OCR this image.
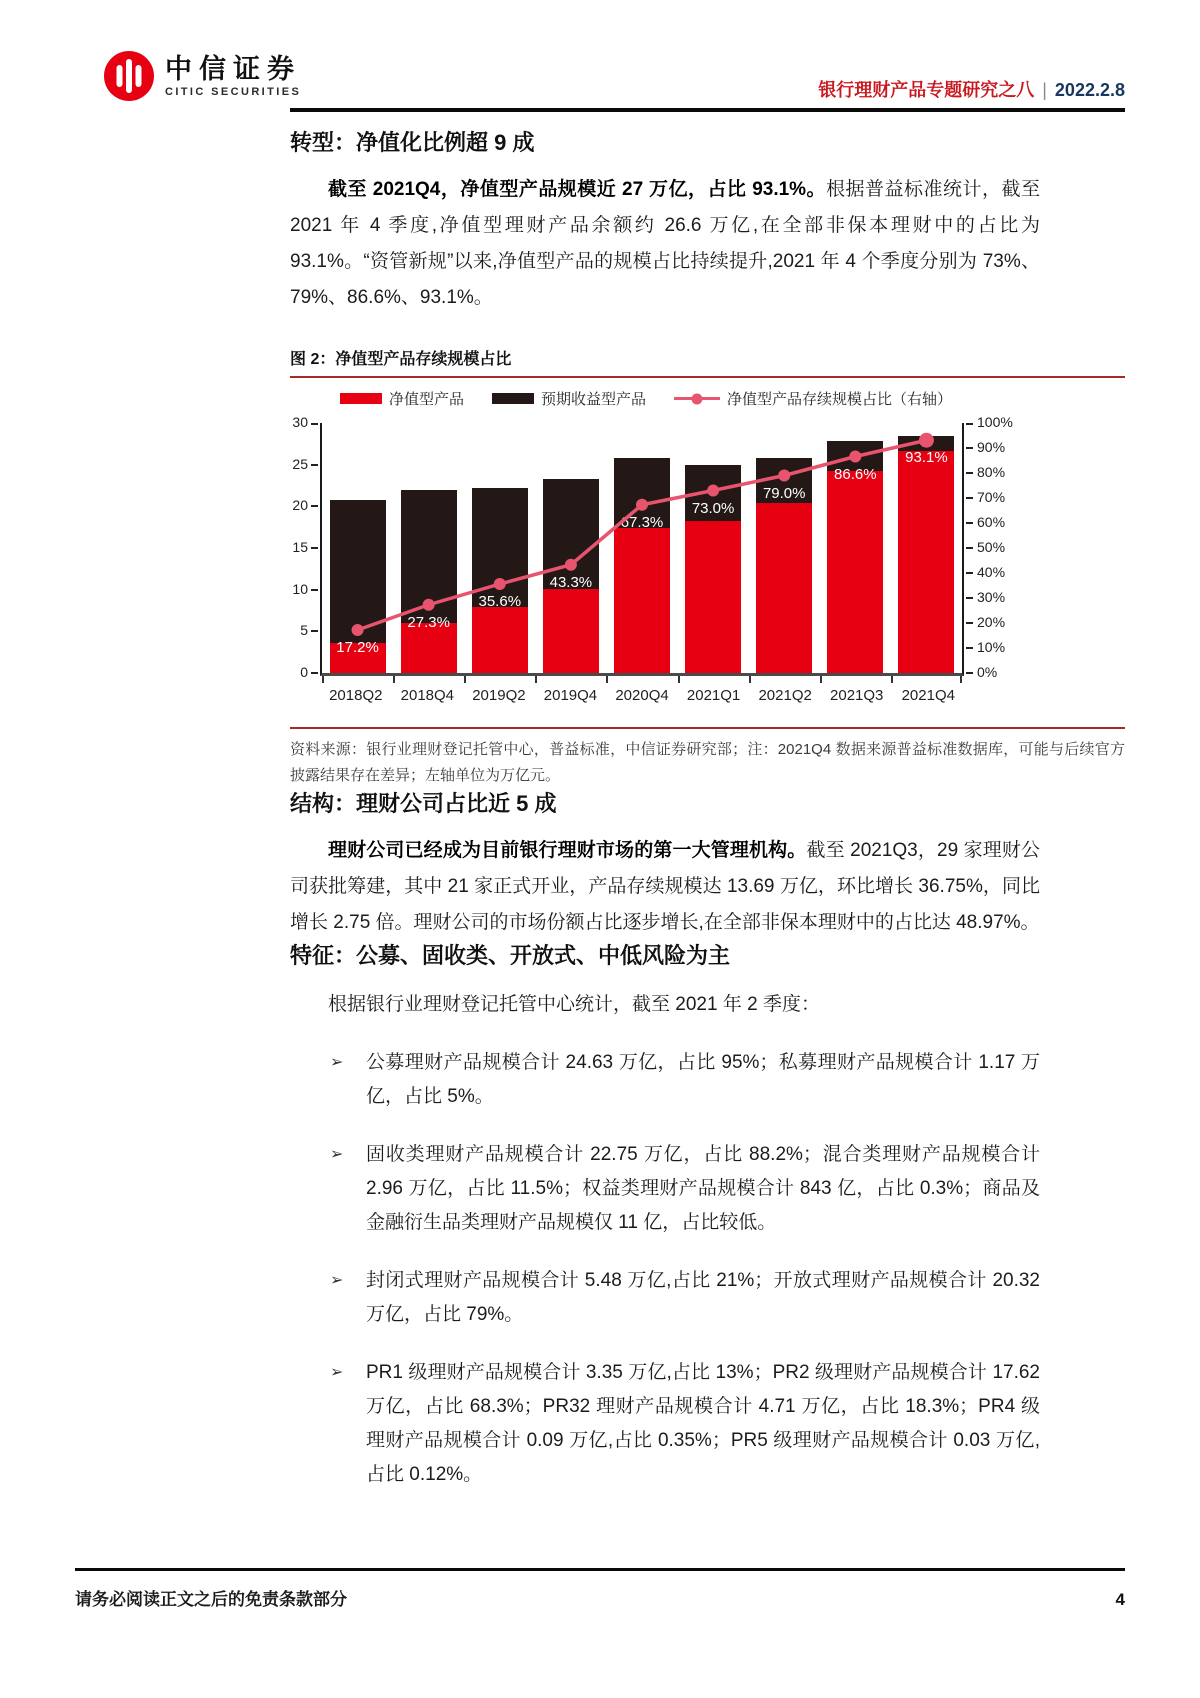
中信证券
CITIC SECURITIES	银行理财产品专题研究之八 | 2022.2.8
转型：净值化比例超 9 成

截至 2021Q4，净值型产品规模近 27 万亿，占比 93.1%。根据普益标准统计，截至 2021 年 4 季度,净值型理财产品余额约 26.6 万亿,在全部非保本理财中的占比为 93.1%。“资管新规”以来,净值型产品的规模占比持续提升,2021 年 4 个季度分别为 73%、79%、86.6%、93.1%。

图 2：净值型产品存续规模占比
净值型产品	预期收益型产品	净值型产品存续规模占比（右轴）
30
25
20
15
10
5
0
17.2%
27.3%
35.6%
43.3%
67.3%
73.0%
79.0%
86.6%
93.1%
100%
90%
80%
70%
60%
50%
40%
30%
20%
10%
0%
2018Q2	2018Q4	2019Q2	2019Q4	2020Q4	2021Q1	2021Q2	2021Q3	2021Q4

资料来源：银行业理财登记托管中心，普益标准，中信证券研究部；注：2021Q4 数据来源普益标准数据库，可能与后续官方披露结果存在差异；左轴单位为万亿元。

结构：理财公司占比近 5 成

理财公司已经成为目前银行理财市场的第一大管理机构。截至 2021Q3，29 家理财公司获批筹建，其中 21 家正式开业，产品存续规模达 13.69 万亿，环比增长 36.75%，同比增长 2.75 倍。理财公司的市场份额占比逐步增长,在全部非保本理财中的占比达 48.97%。

特征：公募、固收类、开放式、中低风险为主

根据银行业理财登记托管中心统计，截至 2021 年 2 季度：

➢	公募理财产品规模合计 24.63 万亿，占比 95%；私募理财产品规模合计 1.17 万亿，占比 5%。
➢	固收类理财产品规模合计 22.75 万亿，占比 88.2%；混合类理财产品规模合计 2.96 万亿，占比 11.5%；权益类理财产品规模合计 843 亿，占比 0.3%；商品及金融衍生品类理财产品规模仅 11 亿，占比较低。
➢	封闭式理财产品规模合计 5.48 万亿,占比 21%；开放式理财产品规模合计 20.32 万亿，占比 79%。
➢	PR1 级理财产品规模合计 3.35 万亿,占比 13%；PR2 级理财产品规模合计 17.62 万亿，占比 68.3%；PR32 理财产品规模合计 4.71 万亿，占比 18.3%；PR4 级理财产品规模合计 0.09 万亿,占比 0.35%；PR5 级理财产品规模合计 0.03 万亿,占比 0.12%。
请务必阅读正文之后的免责条款部分	4
